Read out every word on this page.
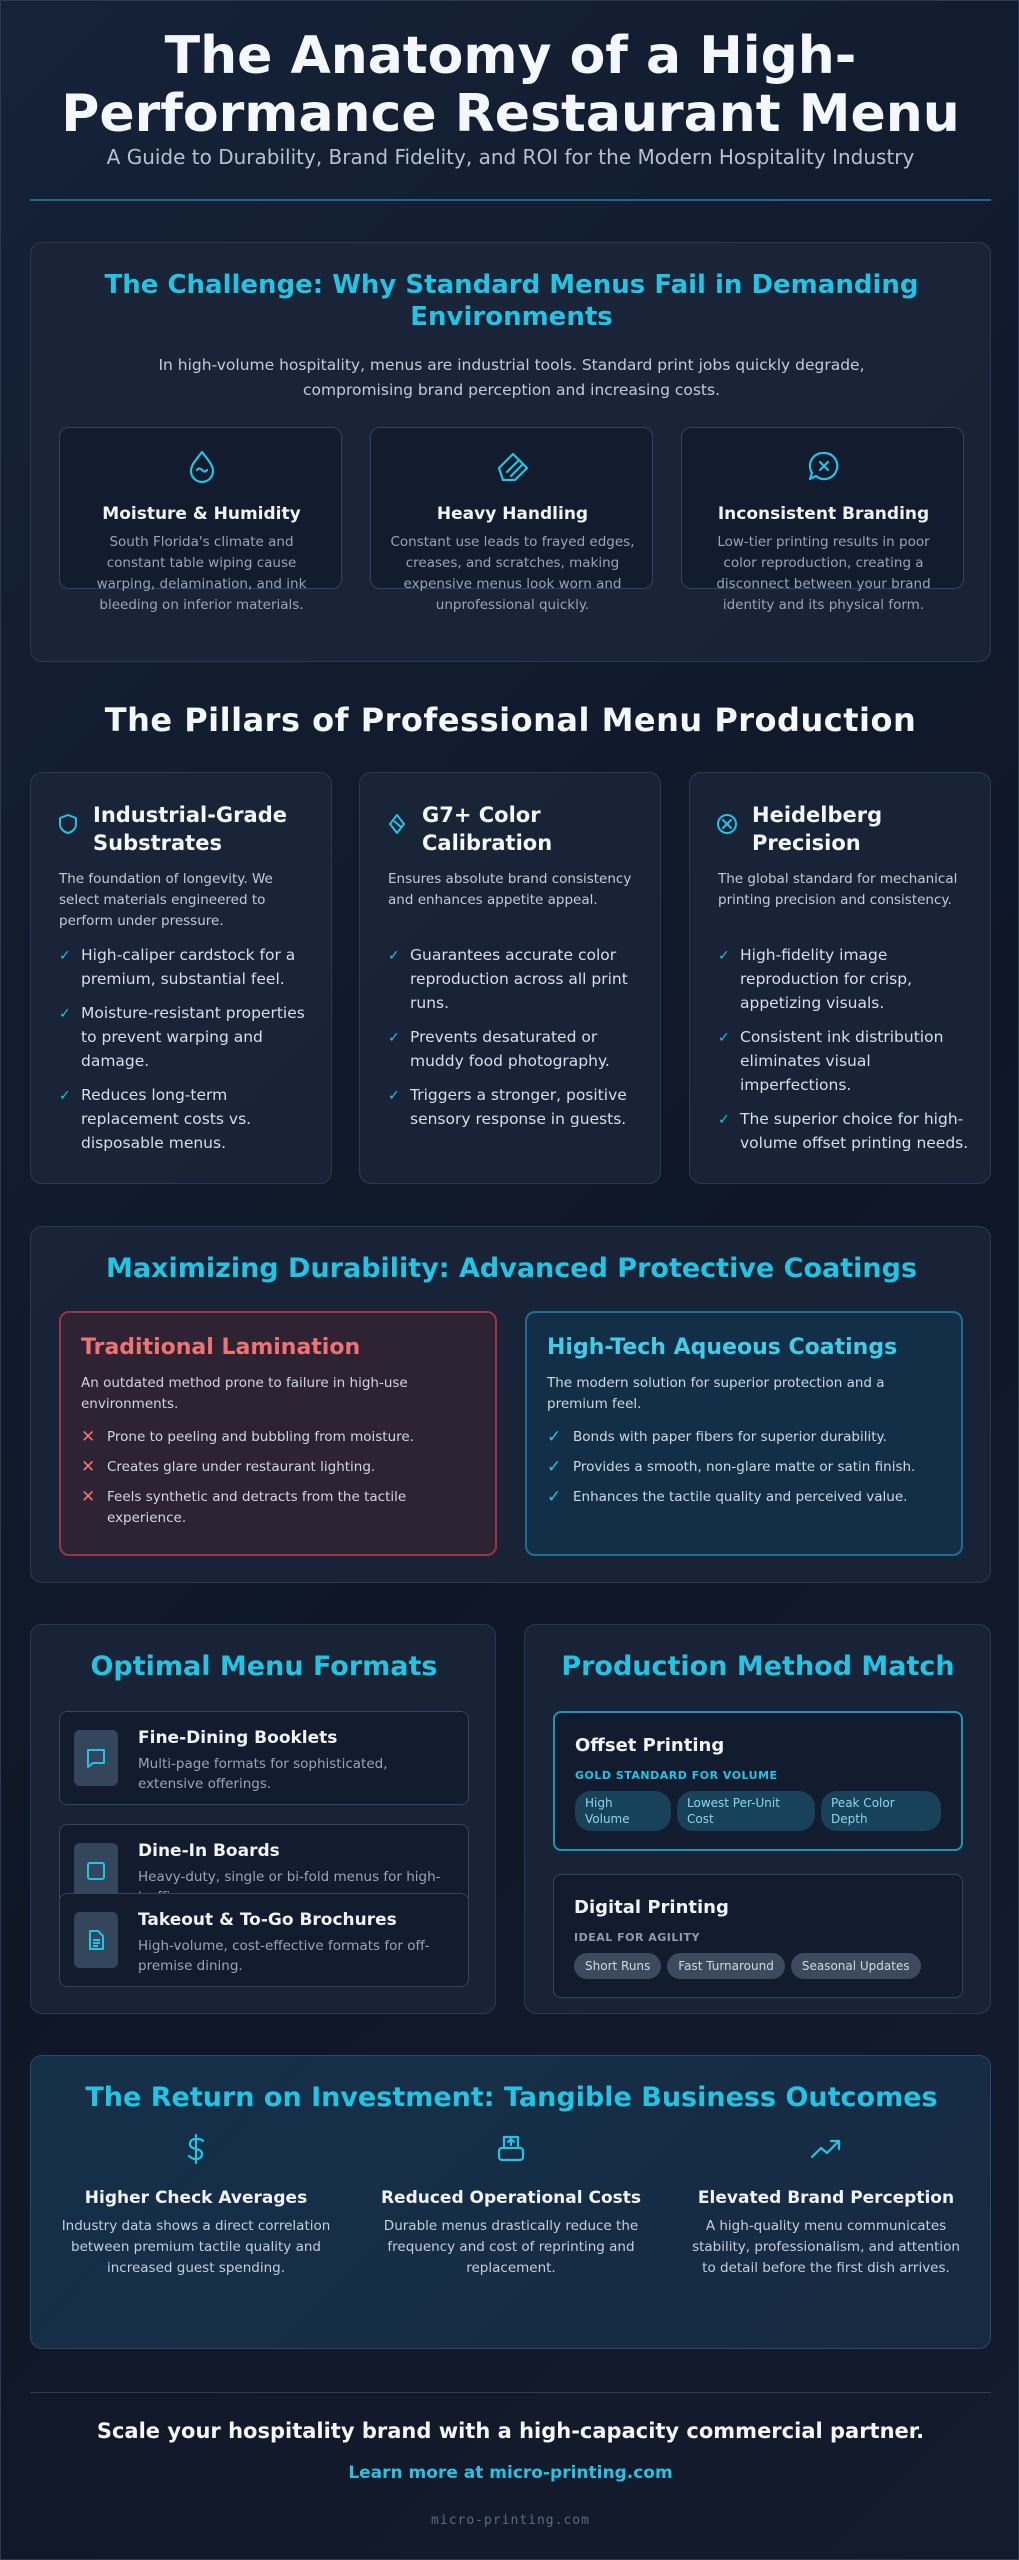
The Anatomy of a High-Performance Restaurant Menu
A Guide to Durability, Brand Fidelity, and ROI for the Modern Hospitality Industry
The Challenge: Why Standard Menus Fail in Demanding Environments

In high-volume hospitality, menus are industrial tools. Standard print jobs quickly degrade, compromising brand perception and increasing costs.

Moisture & Humidity

South Florida's climate and constant table wiping cause warping, delamination, and ink bleeding on inferior materials.

Heavy Handling

Constant use leads to frayed edges, creases, and scratches, making expensive menus look worn and unprofessional quickly.

Inconsistent Branding

Low-tier printing results in poor color reproduction, creating a disconnect between your brand identity and its physical form.

The Pillars of Professional Menu Production
Industrial-Grade Substrates

The foundation of longevity. We select materials engineered to perform under pressure.

✓ High-caliper cardstock for a premium, substantial feel.
✓ Moisture-resistant properties to prevent warping and damage.
✓ Reduces long-term replacement costs vs. disposable menus.
G7+ Color Calibration

Ensures absolute brand consistency and enhances appetite appeal.

✓ Guarantees accurate color reproduction across all print runs.
✓ Prevents desaturated or muddy food photography.
✓ Triggers a stronger, positive sensory response in guests.
Heidelberg Precision

The global standard for mechanical printing precision and consistency.

✓ High-fidelity image reproduction for crisp, appetizing visuals.
✓ Consistent ink distribution eliminates visual imperfections.
✓ The superior choice for high-volume offset printing needs.
Maximizing Durability: Advanced Protective Coatings
Traditional Lamination

An outdated method prone to failure in high-use environments.

✕ Prone to peeling and bubbling from moisture.
✕ Creates glare under restaurant lighting.
✕ Feels synthetic and detracts from the tactile experience.
High-Tech Aqueous Coatings

The modern solution for superior protection and a premium feel.

✓ Bonds with paper fibers for superior durability.
✓ Provides a smooth, non-glare matte or satin finish.
✓ Enhances the tactile quality and perceived value.
Optimal Menu Formats
Fine-Dining Booklets

Multi-page formats for sophisticated, extensive offerings.

Dine-In Boards

Heavy-duty, single or bi-fold menus for high-

Takeout & To-Go Brochures

High-volume, cost-effective formats for off-premise dining.

Production Method Match
Offset Printing
GOLD STANDARD FOR VOLUME
High Volume
Lowest Per-Unit Cost
Peak Color Depth
Digital Printing
IDEAL FOR AGILITY
Short Runs	Fast Turnaround	Seasonal Updates
The Return on Investment: Tangible Business Outcomes
Higher Check Averages

Industry data shows a direct correlation between premium tactile quality and increased guest spending.

Reduced Operational Costs

Durable menus drastically reduce the frequency and cost of reprinting and replacement.

Elevated Brand Perception

A high-quality menu communicates stability, professionalism, and attention to detail before the first dish arrives.

Scale your hospitality brand with a high-capacity commercial partner.
Learn more at micro-printing.com
micro-printing.com
